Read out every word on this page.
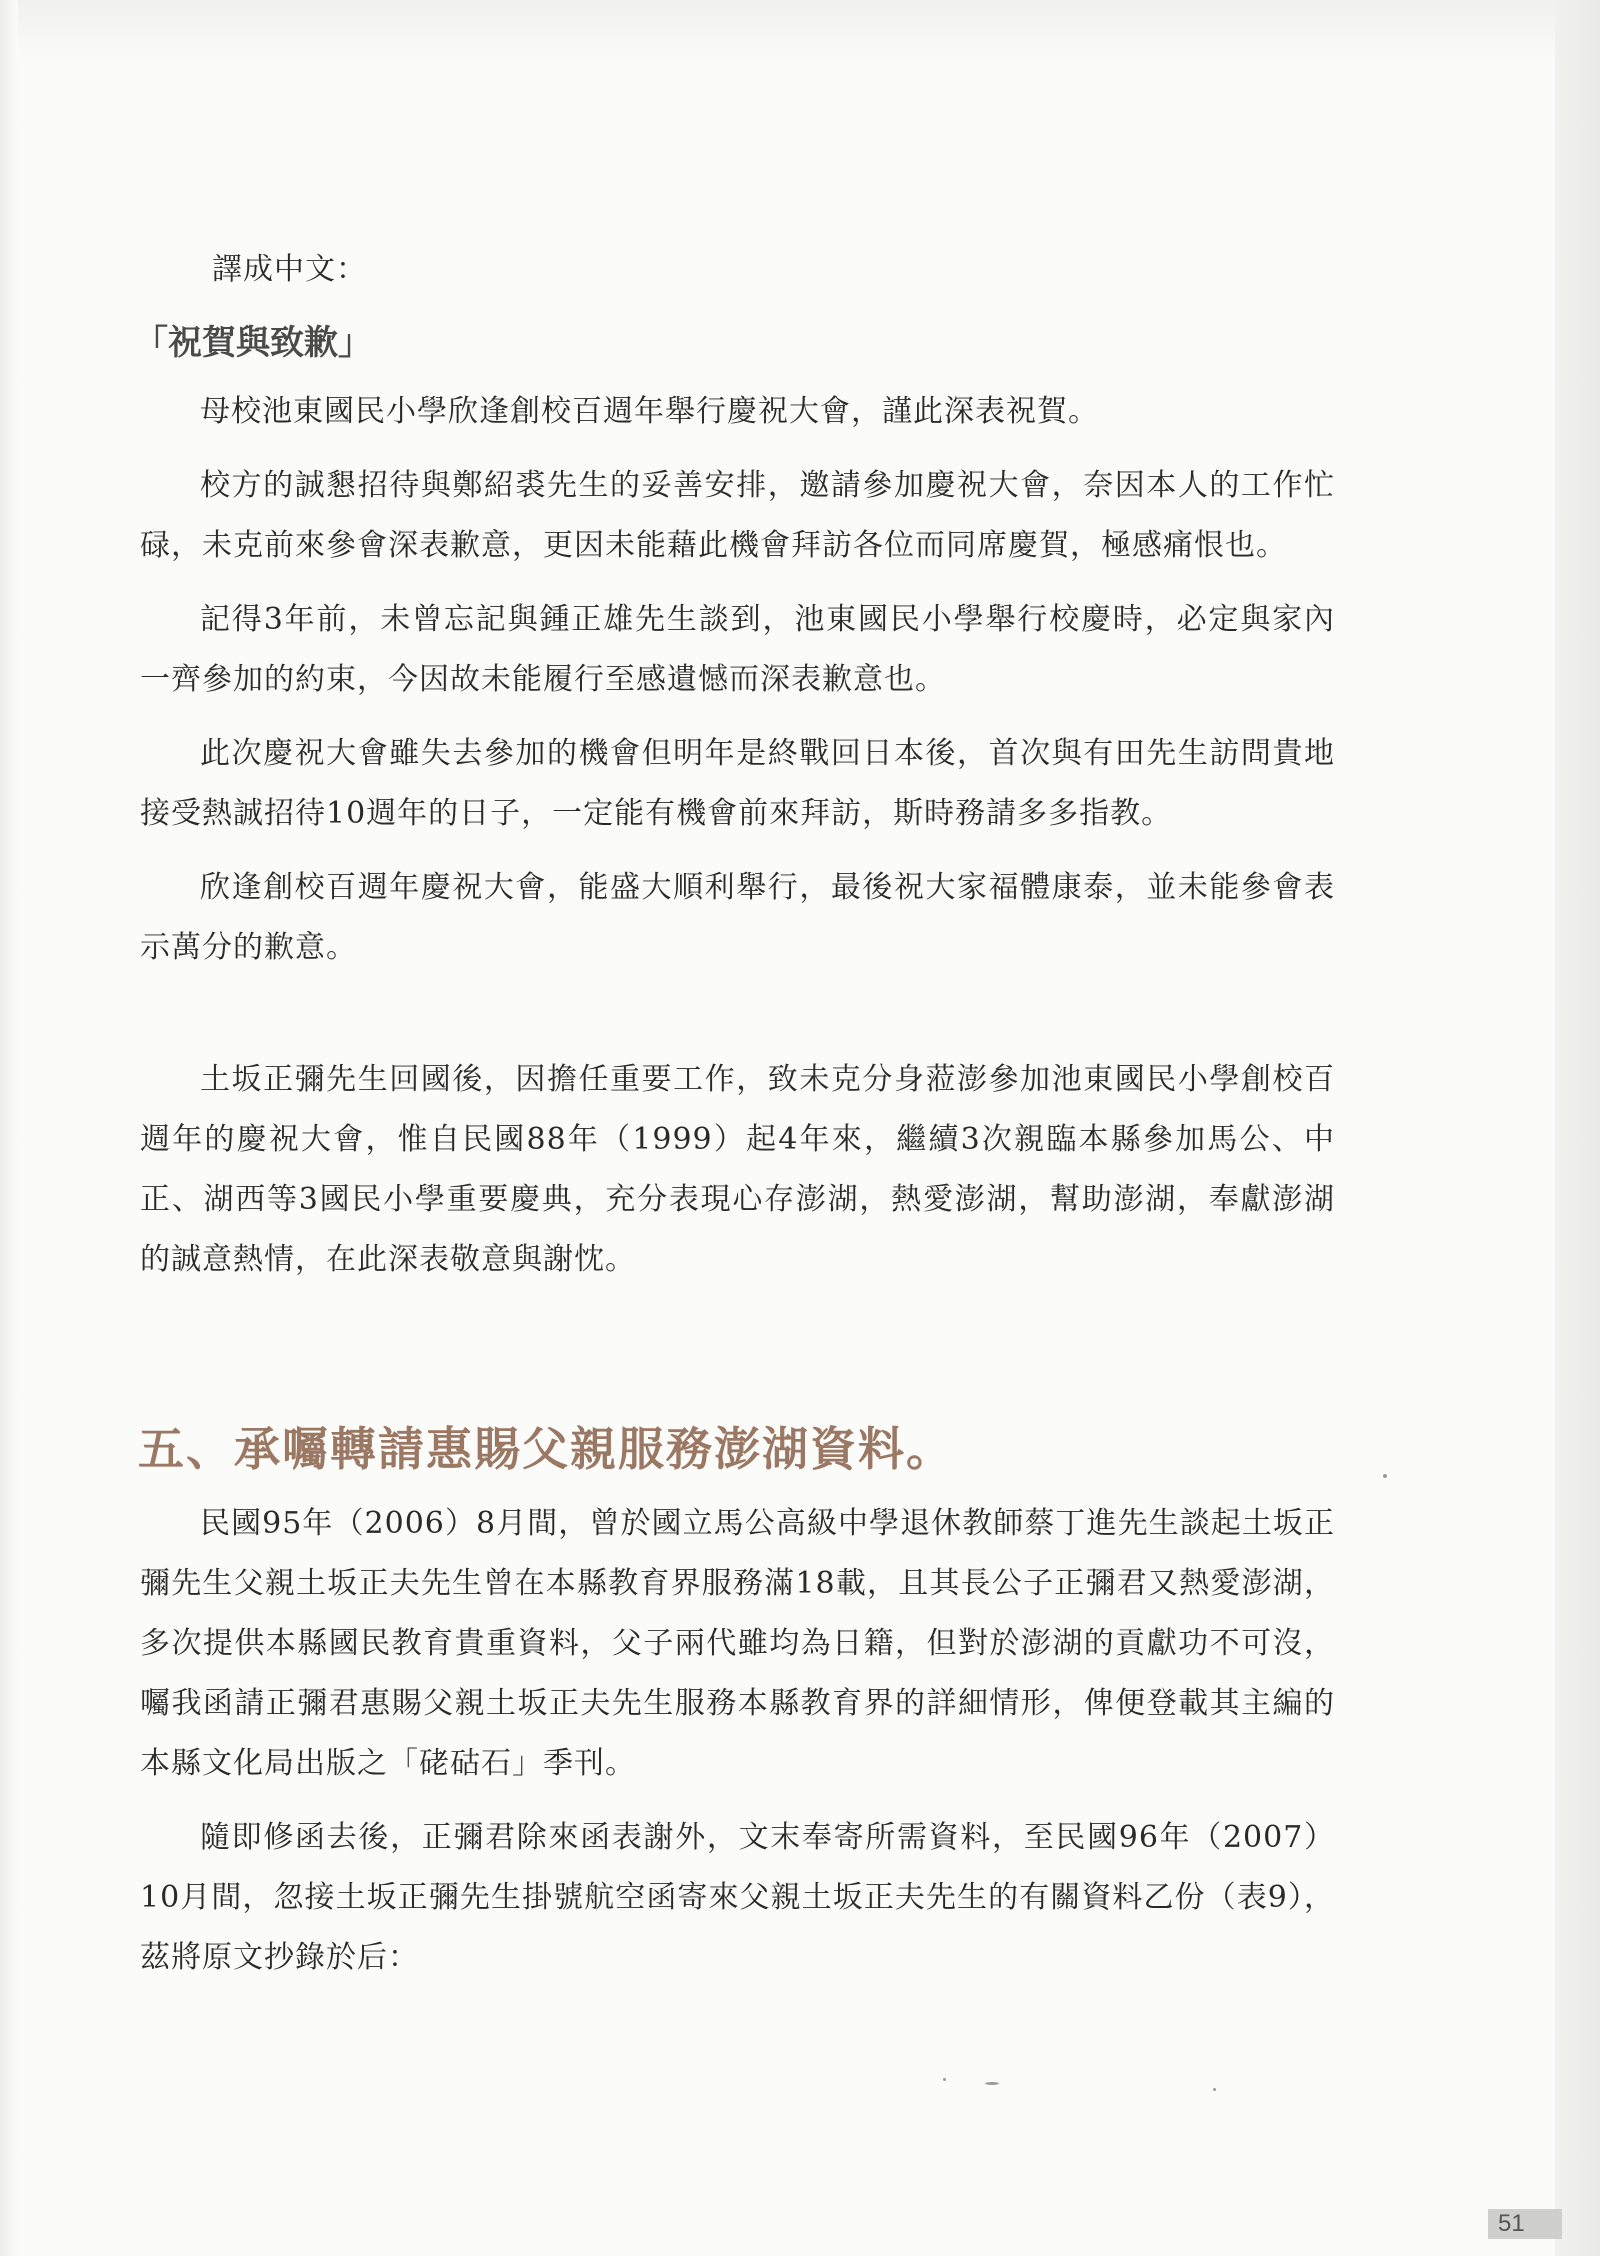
譯成中文：

「祝賀與致歉」

母校池東國民小學欣逢創校百週年舉行慶祝大會，謹此深表祝賀。

校方的誠懇招待與鄭紹裘先生的妥善安排，邀請參加慶祝大會，奈因本人的工作忙碌，未克前來參會深表歉意，更因未能藉此機會拜訪各位而同席慶賀，極感痛恨也。

記得3年前，未曾忘記與鍾正雄先生談到，池東國民小學舉行校慶時，必定與家內一齊參加的約束，今因故未能履行至感遺憾而深表歉意也。

此次慶祝大會雖失去參加的機會但明年是終戰回日本後，首次與有田先生訪問貴地接受熱誠招待10週年的日子，一定能有機會前來拜訪，斯時務請多多指教。

欣逢創校百週年慶祝大會，能盛大順利舉行，最後祝大家福體康泰，並未能參會表示萬分的歉意。

土坂正彌先生回國後，因擔任重要工作，致未克分身蒞澎參加池東國民小學創校百週年的慶祝大會，惟自民國88年（1999）起4年來，繼續3次親臨本縣參加馬公、中正、湖西等3國民小學重要慶典，充分表現心存澎湖，熱愛澎湖，幫助澎湖，奉獻澎湖的誠意熱情，在此深表敬意與謝忱。

五、承囑轉請惠賜父親服務澎湖資料。

民國95年（2006）8月間，曾於國立馬公高級中學退休教師蔡丁進先生談起土坂正彌先生父親土坂正夫先生曾在本縣教育界服務滿18載，且其長公子正彌君又熱愛澎湖，多次提供本縣國民教育貴重資料，父子兩代雖均為日籍，但對於澎湖的貢獻功不可沒，囑我函請正彌君惠賜父親土坂正夫先生服務本縣教育界的詳細情形，俾便登載其主編的本縣文化局出版之「硓𥑮石」季刊。

隨即修函去後，正彌君除來函表謝外，文末奉寄所需資料，至民國96年（2007）10月間，忽接土坂正彌先生掛號航空函寄來父親土坂正夫先生的有關資料乙份（表9），茲將原文抄錄於后：

51
